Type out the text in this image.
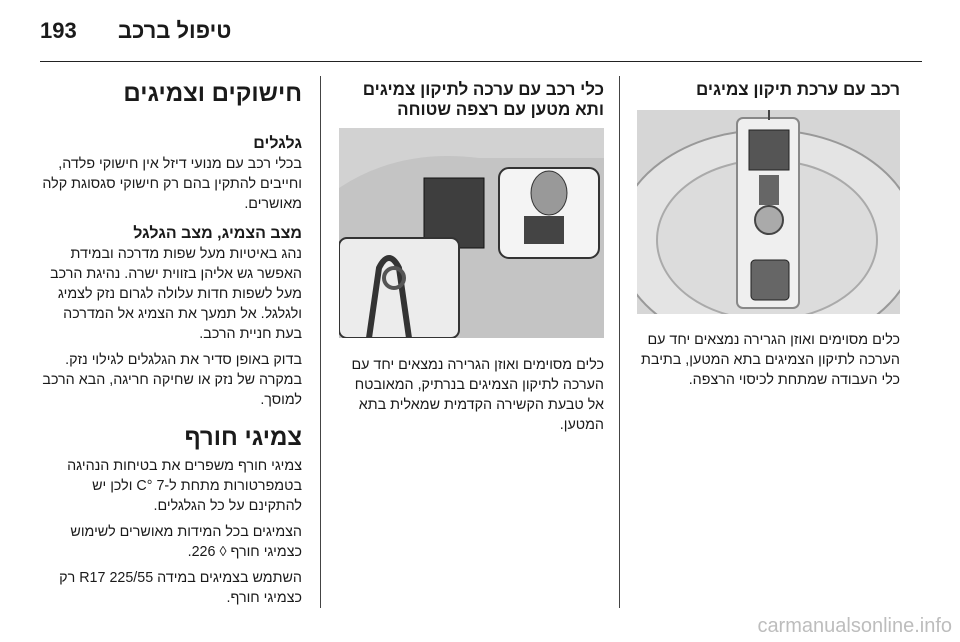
193 טיפול ברכב
רכב עם ערכת תיקון צמיגים

כלים מסוימים ואוזן הגרירה נמצאים יחד עם הערכה לתיקון הצמיגים בתא המטען, בתיבת כלי העבודה שמתחת לכיסוי הרצפה.

כלי רכב עם ערכה לתיקון צמיגים
ותא מטען עם רצפה שטוחה

כלים מסוימים ואוזן הגרירה נמצאים יחד עם הערכה לתיקון הצמיגים בנרתיק, המאובטח אל טבעת הקשירה הקדמית שמאלית בתא המטען.

חישוקים וצמיגים
גלגלים

בכלי רכב עם מנועי דיזל אין חישוקי פלדה, וחייבים להתקין בהם רק חישוקי סגסוגת קלה מאושרים.

מצב הצמיג, מצב הגלגל

נהג באיטיות מעל שפות מדרכה ובמידת האפשר גש אליהן בזווית ישרה. נהיגת הרכב מעל לשפות חדות עלולה לגרום נזק לצמיג ולגלגל. אל תמעך את הצמיג אל המדרכה בעת חניית הרכב.

בדוק באופן סדיר את הגלגלים לגילוי נזק. במקרה של נזק או שחיקה חריגה, הבא הרכב למוסך.

צמיגי חורף

צמיגי חורף משפרים את בטיחות הנהיגה בטמפרטורות מתחת ל-7 °C ולכן יש להתקינם על כל הגלגלים.

הצמיגים בכל המידות מאושרים לשימוש כצמיגי חורף ◊ 226.

השתמש בצמיגים במידה 225/55 R17 רק כצמיגי חורף.

carmanualsonline.info
